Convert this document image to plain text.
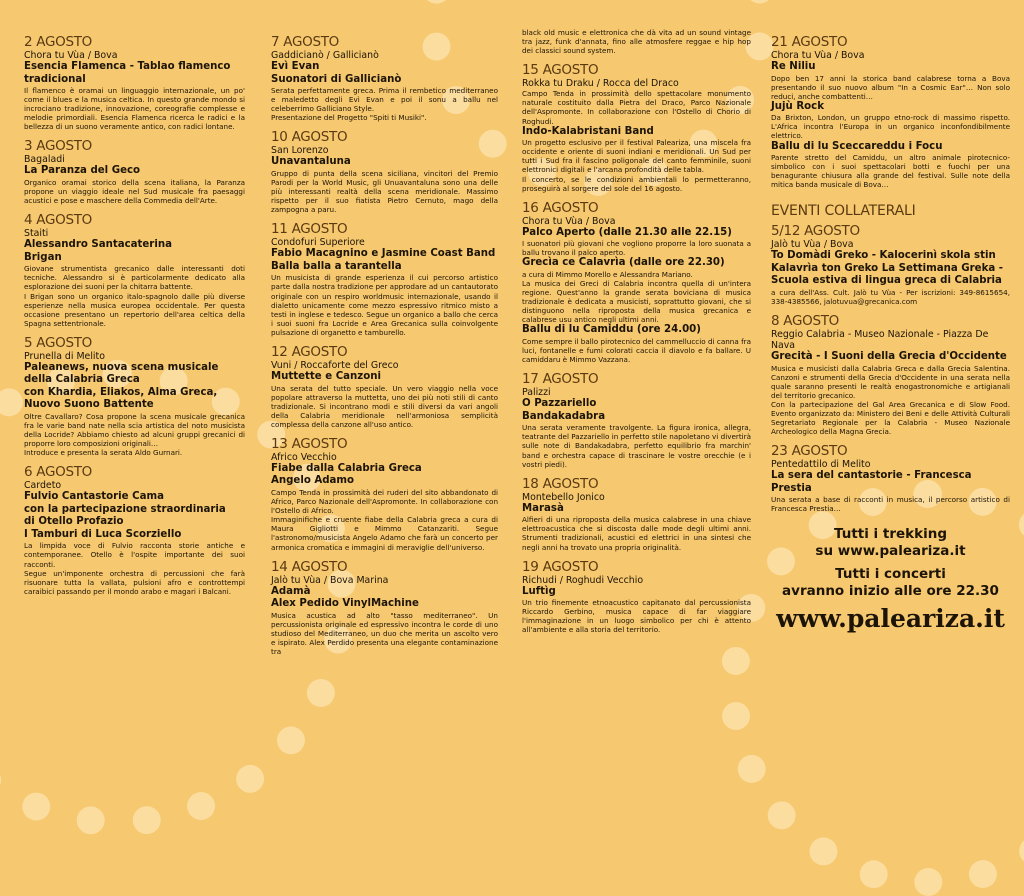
2 AGOSTO
Chora tu Vùa / Bova
Esencia Flamenca - Tablao flamenco tradicional
Il flamenco è oramai un linguaggio internazionale, un po' come il blues e la musica celtica. In questo grande mondo si incrociano tradizione, innovazione, coreografie complesse e melodie primordiali. Esencia Flamenca ricerca le radici e la bellezza di un suono veramente antico, con radici lontane.
3 AGOSTO
Bagaladi
La Paranza del Geco
Organico oramai storico della scena italiana, la Paranza propone un viaggio ideale nel Sud musicale fra paesaggi acustici e pose e maschere della Commedia dell'Arte.
4 AGOSTO
Staiti
Alessandro Santacaterina
Brigan
Giovane strumentista grecanico dalle interessanti doti tecniche. Alessandro si è particolarmente dedicato alla esplorazione dei suoni per la chitarra battente.
I Brigan sono un organico italo-spagnolo dalle più diverse esperienze nella musica europea occidentale. Per questa occasione presentano un repertorio dell'area celtica della Spagna settentrionale.
5 AGOSTO
Prunella di Melito
Paleanews, nuova scena musicale della Calabria Greca
con Khardia, Eliakos, Alma Greca,
Nuovo Suono Battente
Oltre Cavallaro? Cosa propone la scena musicale grecanica fra le varie band nate nella scia artistica del noto musicista della Locride? Abbiamo chiesto ad alcuni gruppi grecanici di proporre loro composizioni originali…
Introduce e presenta la serata Aldo Gurnari.
6 AGOSTO
Cardeto
Fulvio Cantastorie Cama
con la partecipazione straordinaria
di Otello Profazio
I Tamburi di Luca Scorziello
La limpida voce di Fulvio racconta storie antiche e contemporanee. Otello è l'ospite importante dei suoi racconti.
Segue un'imponente orchestra di percussioni che farà risuonare tutta la vallata, pulsioni afro e controttempi caraibici passando per il mondo arabo e magari i Balcani.
7 AGOSTO
Gaddicianò / Gallicianò
Evì Evan
Suonatori di Gallicianò
Serata perfettamente greca. Prima il rembetico mediterraneo e maledetto degli Evì Evan e poi il sonu a ballu nel celeberrimo Galliciano Style.
Presentazione del Progetto "Spiti ti Musiki".
10 AGOSTO
San Lorenzo
Unavantaluna
Gruppo di punta della scena siciliana, vincitori del Premio Parodi per la World Music, gli Unuavantaluna sono una delle più interessanti realtà della scena meridionale. Massimo rispetto per il suo fiatista Pietro Cernuto, mago della zampogna a paru.
11 AGOSTO
Condofuri Superiore
Fabio Macagnino e Jasmine Coast Band
Balla balla a tarantella
Un musicista di grande esperienza il cui percorso artistico parte dalla nostra tradizione per approdare ad un cantautorato originale con un respiro worldmusic internazionale, usando il dialetto unicamente come mezzo espressivo ritmico misto a testi in inglese e tedesco. Segue un organico a ballo che cerca i suoi suoni fra Locride e Area Grecanica sulla coinvolgente pulsazione di organetto e tamburello.
12 AGOSTO
Vuni / Roccaforte del Greco
Muttette e Canzoni
Una serata del tutto speciale. Un vero viaggio nella voce popolare attraverso la muttetta, uno dei più noti stili di canto tradizionale. Si incontrano modi e stili diversi da vari angoli della Calabria meridionale nell'armoniosa semplicità complessa della canzone all'uso antico.
13 AGOSTO
Africo Vecchio
Fiabe dalla Calabria Greca
Angelo Adamo
Campo Tenda in prossimità dei ruderi del sito abbandonato di Africo, Parco Nazionale dell'Aspromonte. In collaborazione con l'Ostello di Africo.
Immaginifiche e cruente fiabe della Calabria greca a cura di Maura Gigliotti e Mimmo Catanzariti. Segue l'astronomo/musicista Angelo Adamo che farà un concerto per armonica cromatica e immagini di meraviglie dell'universo.
14 AGOSTO
Jalò tu Vùa / Bova Marina
Adamà
Alex Pedido VinylMachine
Musica acustica ad alto "tasso mediterraneo". Un percussionista originale ed espressivo incontra le corde di uno studioso del Mediterraneo, un duo che merita un ascolto vero e ispirato. Alex Perdido presenta una elegante contaminazione tra
black old music e elettronica che dà vita ad un sound vintage tra jazz, funk d'annata, fino alle atmosfere reggae e hip hop dei classici sound system.
15 AGOSTO
Rokka tu Draku / Rocca del Draco
Campo Tenda in prossimità dello spettacolare monumento naturale costituito dalla Pietra del Draco, Parco Nazionale dell'Aspromonte. In collaborazione con l'Ostello di Chorio di Roghudi.
Indo-Kalabristani Band
Un progetto esclusivo per il festival Paleariza, una miscela fra occidente e oriente di suoni indiani e meridionali. Un Sud per tutti i Sud fra il fascino poligonale del canto femminile, suoni elettronici digitali e l'arcana profondità delle tabla.
Il concerto, se le condizioni ambientali lo permetteranno, proseguirà al sorgere del sole del 16 agosto.
16 AGOSTO
Chora tu Vùa / Bova
Palco Aperto (dalle 21.30 alle 22.15)
I suonatori più giovani che vogliono proporre la loro suonata a ballu trovano il palco aperto.
Grecìa ce Calavrìa (dalle ore 22.30)
a cura di Mimmo Morello e Alessandra Mariano.
La musica dei Greci di Calabria incontra quella di un'intera regione. Quest'anno la grande serata boviciana di musica tradizionale è dedicata a musicisti, soprattutto giovani, che si distinguono nella riproposta della musica grecanica e calabrese usu antico negli ultimi anni.
Ballu di lu Camiddu (ore 24.00)
Come sempre il ballo pirotecnico del cammelluccio di canna fra luci, fontanelle e fumi colorati caccia il diavolo e fa ballare. U camiddaru è Mimmo Vazzana.
17 AGOSTO
Palizzi
O Pazzariello
Bandakadabra
Una serata veramente travolgente. La figura ironica, allegra, teatrante del Pazzariello in perfetto stile napoletano vi divertirà sulle note di Bandakadabra, perfetto equilibrio fra marchin' band e orchestra capace di trascinare le vostre orecchie (e i vostri piedi).
18 AGOSTO
Montebello Jonico
Marasà
Alfieri di una riproposta della musica calabrese in una chiave elettroacustica che si discosta dalle mode degli ultimi anni. Strumenti tradizionali, acustici ed elettrici in una sintesi che negli anni ha trovato una propria originalità.
19 AGOSTO
Richudi / Roghudi Vecchio
Luftìg
Un trio finemente etnoacustico capitanato dal percussionista Riccardo Gerbino, musica capace di far viaggiare l'immaginazione in un luogo simbolico per chi è attento all'ambiente e alla storia del territorio.
21 AGOSTO
Chora tu Vùa / Bova
Re Niliu
Dopo ben 17 anni la storica band calabrese torna a Bova presentando il suo nuovo album "In a Cosmic Ear"… Non solo reduci, anche combattenti…
Jujù Rock
Da Brixton, London, un gruppo etno-rock di massimo rispetto. L'Africa incontra l'Europa in un organico inconfondibilmente elettrico.
Ballu di lu Sceccareddu i Focu
Parente stretto del Camiddu, un altro animale pirotecnico-simbolico con i suoi spettacolari botti e fuochi per una benagurante chiusura alla grande del festival. Sulle note della mitica banda musicale di Bova…
EVENTI COLLATERALI
5/12 AGOSTO
Jalò tu Vùa / Bova
To Domàdi Greko - Kalocerinì skola stin Kalavrìa ton Greko La Settimana Greka - Scuola estiva di lingua greca di Calabria
a cura dell'Ass. Cult. Jalò tu Vùa - Per iscrizioni: 349-8615654, 338-4385566, jalotuvua@grecanica.com
8 AGOSTO
Reggio Calabria - Museo Nazionale - Piazza De Nava
Grecità - I Suoni della Grecia d'Occidente
Musica e musicisti dalla Calabria Greca e dalla Grecia Salentina. Canzoni e strumenti della Grecia d'Occidente in una serata nella quale saranno presenti le realtà enogastronomiche e artigianali del territorio grecanico.
Con la partecipazione del Gal Area Grecanica e di Slow Food. Evento organizzato da: Ministero dei Beni e delle Attività Culturali Segretariato Regionale per la Calabria - Museo Nazionale Archeologico della Magna Grecia.
23 AGOSTO
Pentedattilo di Melito
La sera del cantastorie - Francesca Prestia
Una serata a base di racconti in musica, il percorso artistico di Francesca Prestia…
Tutti i trekking
su www.paleariza.it
Tutti i concerti
avranno inizio alle ore 22.30
www.paleariza.it
